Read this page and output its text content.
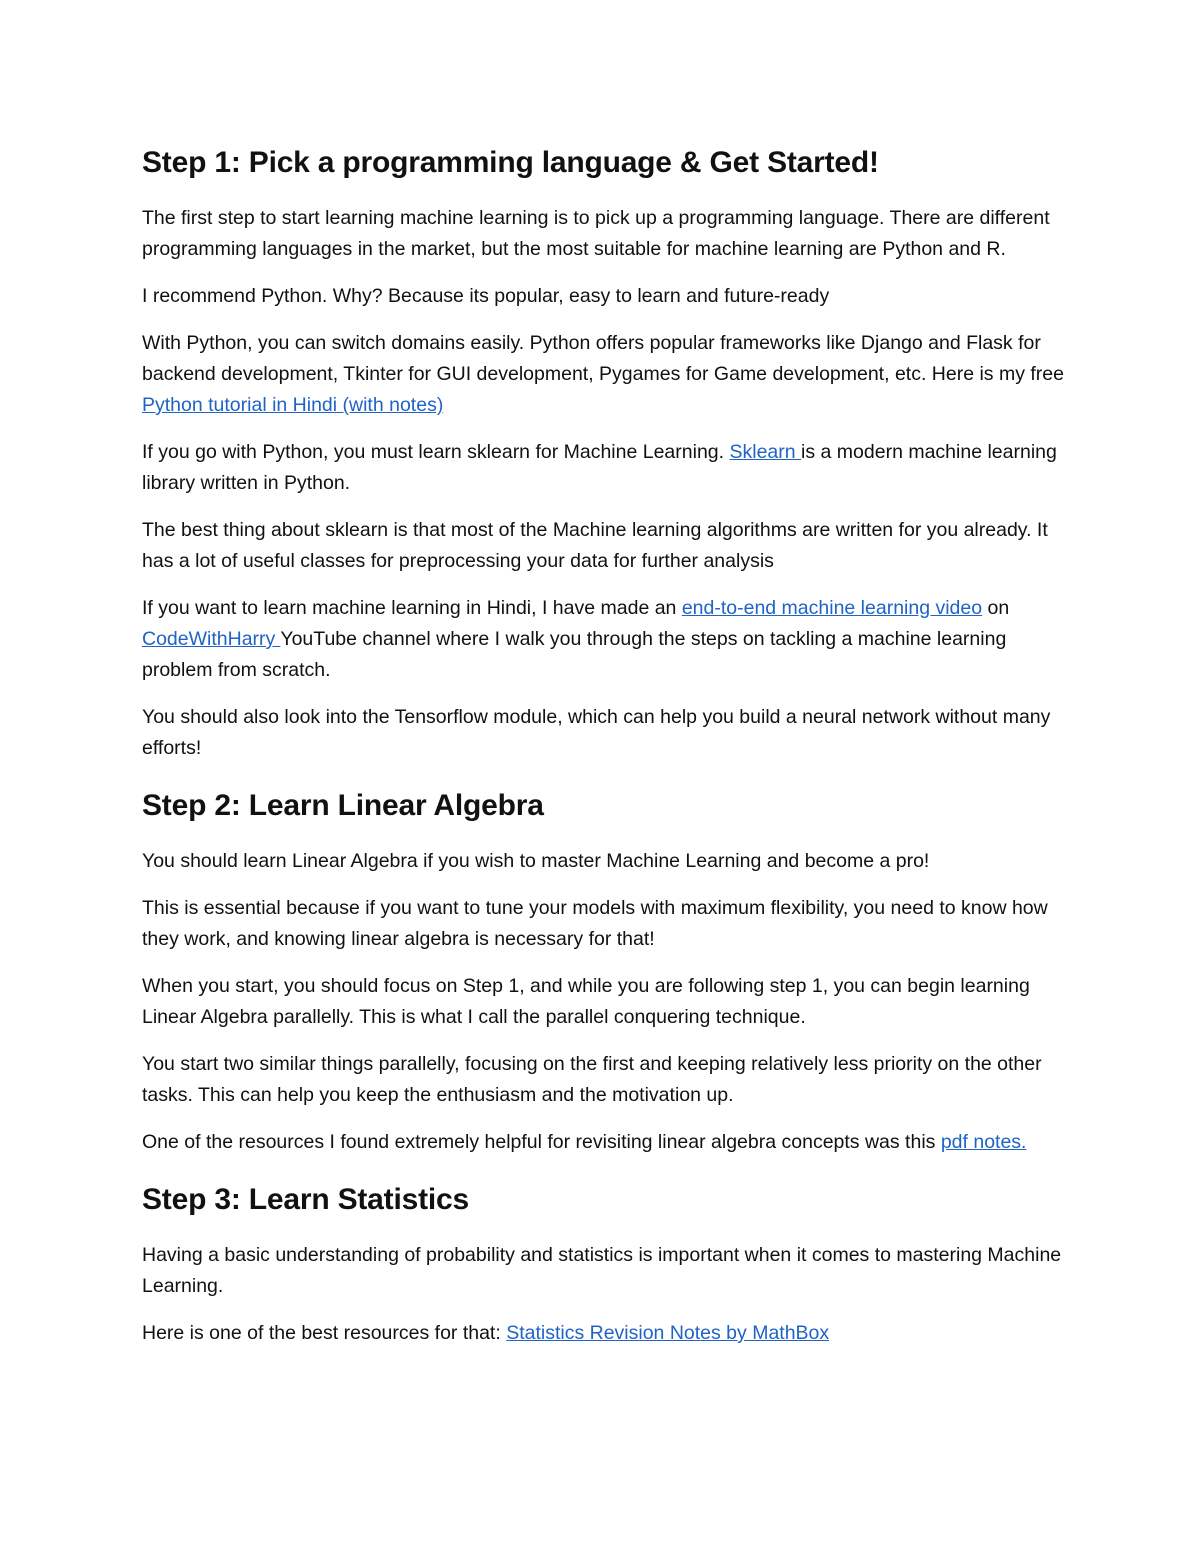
Step 1: Pick a programming language & Get Started!

The first step to start learning machine learning is to pick up a programming language. There are different programming languages in the market, but the most suitable for machine learning are Python and R.

I recommend Python. Why? Because its popular, easy to learn and future-ready

With Python, you can switch domains easily. Python offers popular frameworks like Django and Flask for backend development, Tkinter for GUI development, Pygames for Game development, etc. Here is my free Python tutorial in Hindi (with notes)

If you go with Python, you must learn sklearn for Machine Learning. Sklearn is a modern machine learning library written in Python.

The best thing about sklearn is that most of the Machine learning algorithms are written for you already. It has a lot of useful classes for preprocessing your data for further analysis

If you want to learn machine learning in Hindi, I have made an end-to-end machine learning video on CodeWithHarry YouTube channel where I walk you through the steps on tackling a machine learning problem from scratch.

You should also look into the Tensorflow module, which can help you build a neural network without many efforts!

Step 2: Learn Linear Algebra

You should learn Linear Algebra if you wish to master Machine Learning and become a pro!

This is essential because if you want to tune your models with maximum flexibility, you need to know how they work, and knowing linear algebra is necessary for that!

When you start, you should focus on Step 1, and while you are following step 1, you can begin learning Linear Algebra parallelly. This is what I call the parallel conquering technique.

You start two similar things parallelly, focusing on the first and keeping relatively less priority on the other tasks. This can help you keep the enthusiasm and the motivation up.

One of the resources I found extremely helpful for revisiting linear algebra concepts was this pdf notes.

Step 3: Learn Statistics

Having a basic understanding of probability and statistics is important when it comes to mastering Machine Learning.

Here is one of the best resources for that: Statistics Revision Notes by MathBox
